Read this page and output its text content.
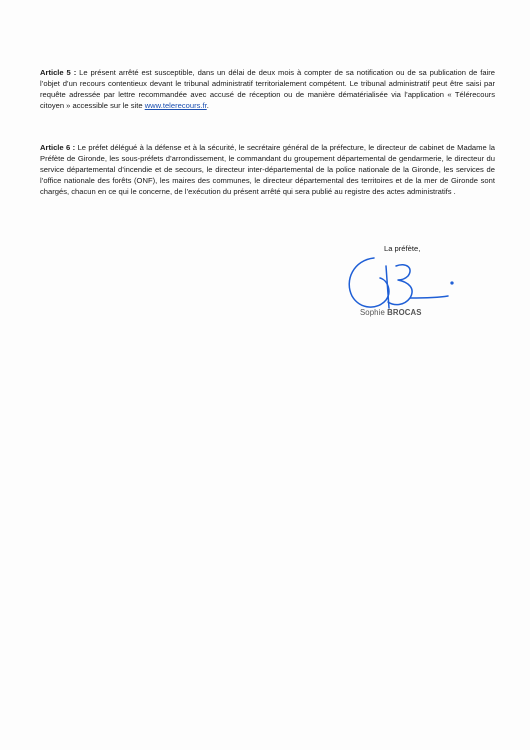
Article 5 : Le présent arrêté est susceptible, dans un délai de deux mois à compter de sa notification ou de sa publication de faire l’objet d’un recours contentieux devant le tribunal administratif territorialement compétent. Le tribunal administratif peut être saisi par requête adressée par lettre recommandée avec accusé de réception ou de manière dématérialisée via l’application « Télérecours citoyen » accessible sur le site www.telerecours.fr.

Article 6 : Le préfet délégué à la défense et à la sécurité, le secrétaire général de la préfecture, le directeur de cabinet de Madame la Préfète de Gironde, les sous-préfets d’arrondissement, le commandant du groupement départemental de gendarmerie, le directeur du service départemental d’incendie et de secours, le directeur inter-départemental de la police nationale de la Gironde, les services de l’office nationale des forêts (ONF), les maires des communes, le directeur départemental des territoires et de la mer de Gironde sont chargés, chacun en ce qui le concerne, de l’exécution du présent arrêté qui sera publié au registre des actes administratifs .

La préfète,
Sophie BROCAS
